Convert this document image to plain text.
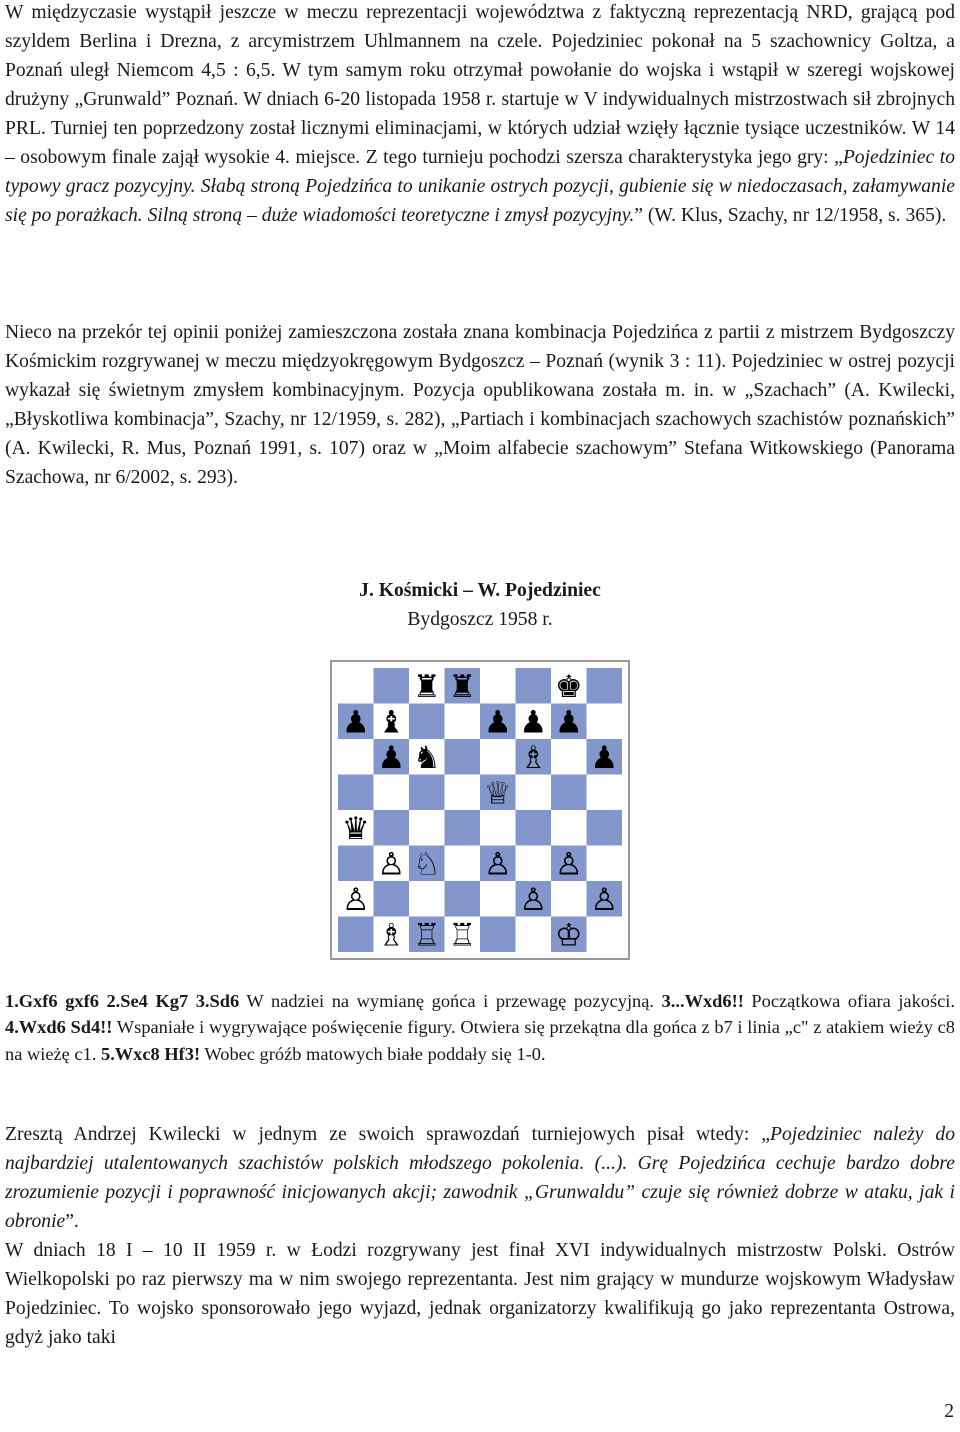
W międzyczasie wystąpił jeszcze w meczu reprezentacji województwa z faktyczną reprezentacją NRD, grającą pod szyldem Berlina i Drezna, z arcymistrzem Uhlmannem na czele. Pojedziniec pokonał na 5 szachownicy Goltza, a Poznań uległ Niemcom 4,5 : 6,5. W tym samym roku otrzymał powołanie do wojska i wstąpił w szeregi wojskowej drużyny „Grunwald” Poznań. W dniach 6-20 listopada 1958 r. startuje w V indywidualnych mistrzostwach sił zbrojnych PRL. Turniej ten poprzedzony został licznymi eliminacjami, w których udział wzięły łącznie tysiące uczestników. W 14 – osobowym finale zajął wysokie 4. miejsce. Z tego turnieju pochodzi szersza charakterystyka jego gry: „Pojedziniec to typowy gracz pozycyjny. Słabą stroną Pojedzińca to unikanie ostrych pozycji, gubienie się w niedoczasach, załamywanie się po porażkach. Silną stroną – duże wiadomości teoretyczne i zmysł pozycyjny.” (W. Klus, Szachy, nr 12/1958, s. 365).

Nieco na przekór tej opinii poniżej zamieszczona została znana kombinacja Pojedzińca z partii z mistrzem Bydgoszczy Kośmickim rozgrywanej w meczu międzyokręgowym Bydgoszcz – Poznań (wynik 3 : 11). Pojedziniec w ostrej pozycji wykazał się świetnym zmysłem kombinacyjnym. Pozycja opublikowana została m. in. w „Szachach” (A. Kwilecki, „Błyskotliwa kombinacja”, Szachy, nr 12/1959, s. 282), „Partiach i kombinacjach szachowych szachistów poznańskich” (A. Kwilecki, R. Mus, Poznań 1991, s. 107) oraz w „Moim alfabecie szachowym” Stefana Witkowskiego (Panorama Szachowa, nr 6/2002, s. 293).

J. Kośmicki – W. Pojedziniec
Bydgoszcz 1958 r.

♜ ♜	♚
♟ ♝	♟ ♟ ♟
♟ ♞	♗ ♟
♕
♛
♙ ♘ ♙ ♙
♙	♙ ♙
♗ ♖ ♖	♔

1.Gxf6 gxf6 2.Se4 Kg7 3.Sd6 W nadziei na wymianę gońca i przewagę pozycyjną. 3...Wxd6!! Początkowa ofiara jakości. 4.Wxd6 Sd4!! Wspaniałe i wygrywające poświęcenie figury. Otwiera się przekątna dla gońca z b7 i linia „c" z atakiem wieży c8 na wieżę c1. 5.Wxc8 Hf3! Wobec gróźb matowych białe poddały się 1-0.

Zresztą Andrzej Kwilecki w jednym ze swoich sprawozdań turniejowych pisał wtedy: „Pojedziniec należy do najbardziej utalentowanych szachistów polskich młodszego pokolenia. (...). Grę Pojedzińca cechuje bardzo dobre zrozumienie pozycji i poprawność inicjowanych akcji; zawodnik „Grunwaldu” czuje się również dobrze w ataku, jak i obronie”.
W dniach 18 I – 10 II 1959 r. w Łodzi rozgrywany jest finał XVI indywidualnych mistrzostw Polski. Ostrów Wielkopolski po raz pierwszy ma w nim swojego reprezentanta. Jest nim grający w mundurze wojskowym Władysław Pojedziniec. To wojsko sponsorowało jego wyjazd, jednak organizatorzy kwalifikują go jako reprezentanta Ostrowa, gdyż jako taki

2
